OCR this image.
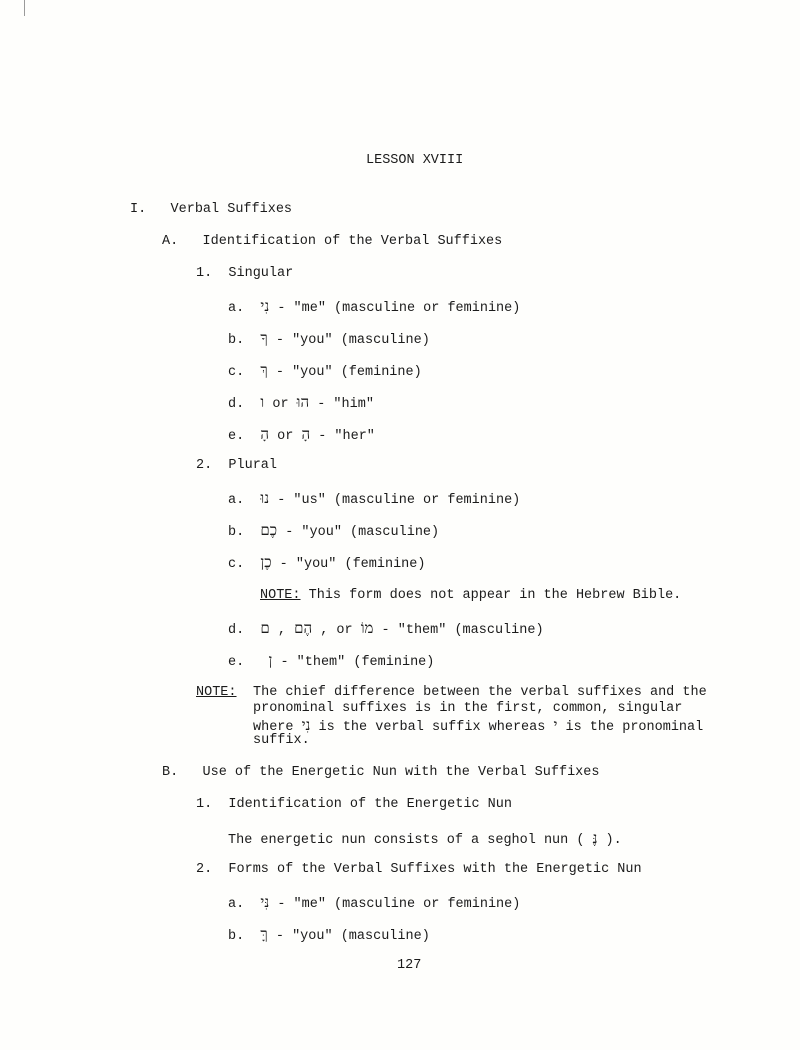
LESSON XVIII
I. Verbal Suffixes
A. Identification of the Verbal Suffixes
1. Singular
a. נִי - "me" (masculine or feminine)
b. ךָ - "you" (masculine)
c. ךְ - "you" (feminine)
d. ו or הוּ - "him"
e. הָ or הָ - "her"
2. Plural
a. נוּ - "us" (masculine or feminine)
b. כֶם - "you" (masculine)
c. כֶן - "you" (feminine)
NOTE: This form does not appear in the Hebrew Bible.
d. ם , הֶם , or מוֹ - "them" (masculine)
e. ן - "them" (feminine)
NOTE: The chief difference between the verbal suffixes and the
pronominal suffixes is in the first, common, singular
where נִי is the verbal suffix whereas י is the pronominal
suffix.
B. Use of the Energetic Nun with the Verbal Suffixes
1. Identification of the Energetic Nun
The energetic nun consists of a seghol nun ( נֶּ ).
2. Forms of the Verbal Suffixes with the Energetic Nun
a. נִּי - "me" (masculine or feminine)
b. ךָּ - "you" (masculine)
127
